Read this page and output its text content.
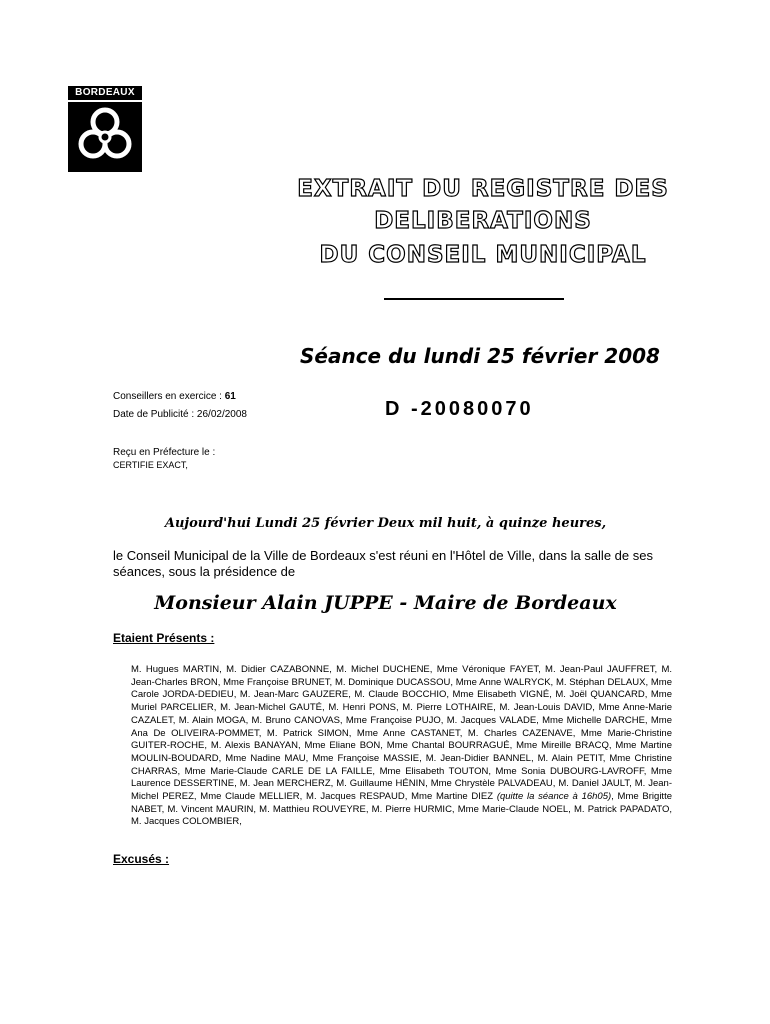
BORDEAUX
EXTRAIT DU REGISTRE DES
DELIBERATIONS
DU CONSEIL MUNICIPAL
Séance du lundi 25 février 2008
Conseillers en exercice : 61
Date de Publicité : 26/02/2008	D -20080070
Reçu en Préfecture le :
CERTIFIE EXACT,
Aujourd'hui Lundi 25 février Deux mil huit, à quinze heures,
le Conseil Municipal de la Ville de Bordeaux s'est réuni en l'Hôtel de Ville, dans la salle de ses séances, sous la présidence de
Monsieur Alain JUPPE - Maire de Bordeaux
Etaient Présents :
M. Hugues MARTIN, M. Didier CAZABONNE, M. Michel DUCHENE, Mme Véronique FAYET, M. Jean-Paul JAUFFRET, M. Jean-Charles BRON, Mme Françoise BRUNET, M. Dominique DUCASSOU, Mme Anne WALRYCK, M. Stéphan DELAUX, Mme Carole JORDA-DEDIEU, M. Jean-Marc GAUZERE, M. Claude BOCCHIO, Mme Elisabeth VIGNÉ, M. Joël QUANCARD, Mme Muriel PARCELIER, M. Jean-Michel GAUTÉ, M. Henri PONS, M. Pierre LOTHAIRE, M. Jean-Louis DAVID, Mme Anne-Marie CAZALET, M. Alain MOGA, M. Bruno CANOVAS, Mme Françoise PUJO, M. Jacques VALADE, Mme Michelle DARCHE, Mme Ana De OLIVEIRA-POMMET, M. Patrick SIMON, Mme Anne CASTANET, M. Charles CAZENAVE, Mme Marie-Christine GUITER-ROCHE, M. Alexis BANAYAN, Mme Eliane BON, Mme Chantal BOURRAGUÉ, Mme Mireille BRACQ, Mme Martine MOULIN-BOUDARD, Mme Nadine MAU, Mme Françoise MASSIE, M. Jean-Didier BANNEL, M. Alain PETIT, Mme Christine CHARRAS, Mme Marie-Claude CARLE DE LA FAILLE, Mme Elisabeth TOUTON, Mme Sonia DUBOURG-LAVROFF, Mme Laurence DESSERTINE, M. Jean MERCHERZ, M. Guillaume HÉNIN, Mme Chrystèle PALVADEAU, M. Daniel JAULT, M. Jean-Michel PEREZ, Mme Claude MELLIER, M. Jacques RESPAUD, Mme Martine DIEZ (quitte la séance à 16h05), Mme Brigitte NABET, M. Vincent MAURIN, M. Matthieu ROUVEYRE, M. Pierre HURMIC, Mme Marie-Claude NOEL, M. Patrick PAPADATO, M. Jacques COLOMBIER,
Excusés :
